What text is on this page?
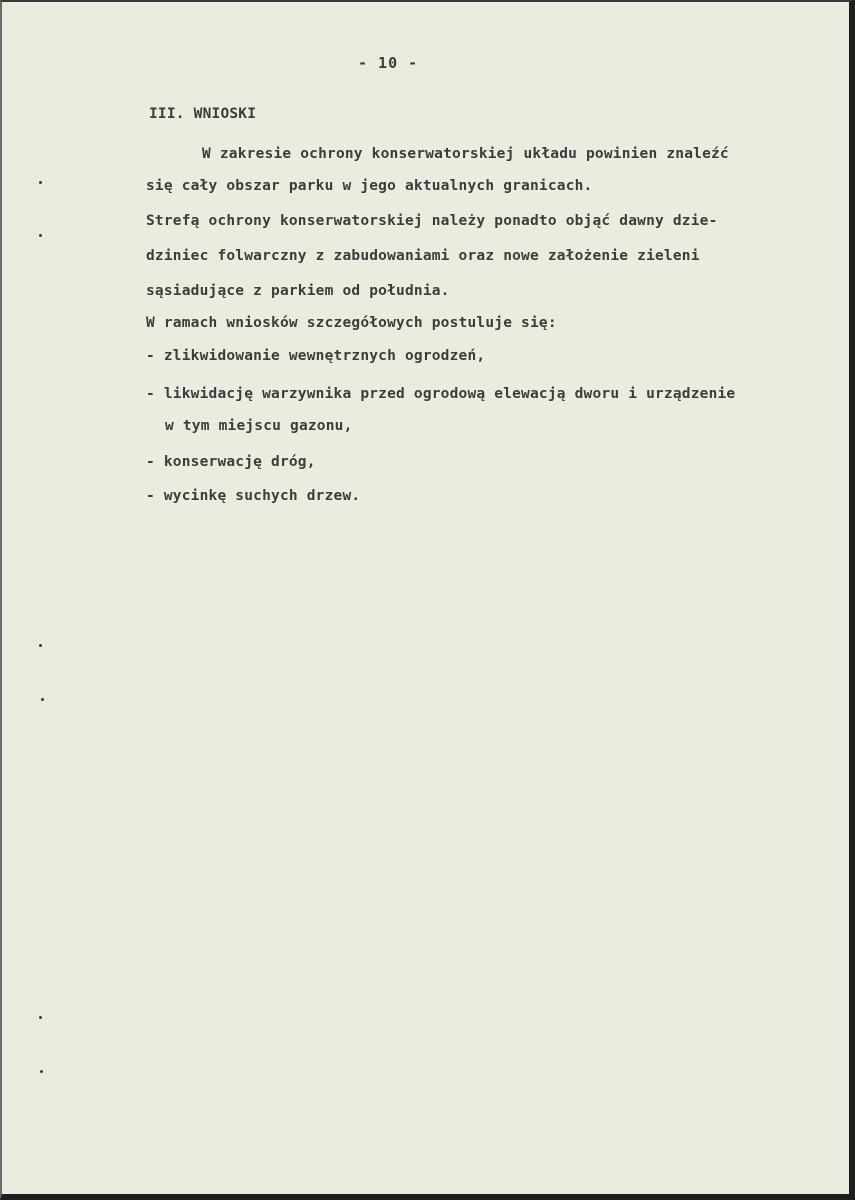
- 10 -

III. WNIOSKI

W zakresie ochrony konserwatorskiej układu powinien znaleźć

się cały obszar parku w jego aktualnych granicach.

Strefą ochrony konserwatorskiej należy ponadto objąć dawny dzie-

dziniec folwarczny z zabudowaniami oraz nowe założenie zieleni

sąsiadujące z parkiem od południa.

W ramach wniosków szczegółowych postuluje się:

- zlikwidowanie wewnętrznych ogrodzeń,

- likwidację warzywnika przed ogrodową elewacją dworu i urządzenie

w tym miejscu gazonu,

- konserwację dróg,

- wycinkę suchych drzew.
